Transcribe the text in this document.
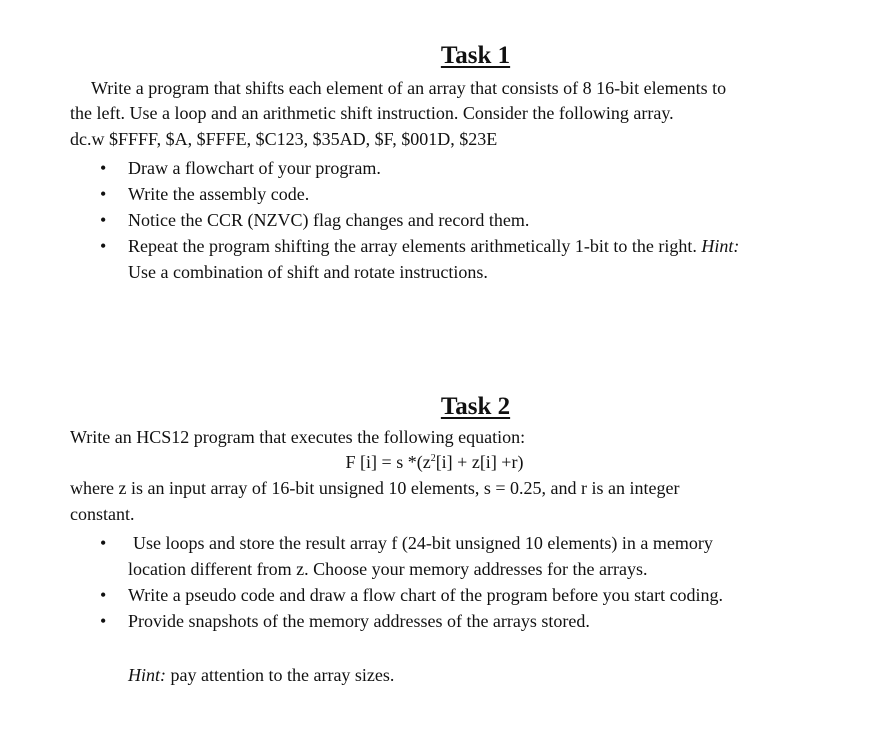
Task 1

Write a program that shifts each element of an array that consists of 8 16-bit elements to

the left. Use a loop and an arithmetic shift instruction. Consider the following array.

dc.w $FFFF, $A, $FFFE, $C123, $35AD, $F, $001D, $23E

• Draw a flowchart of your program.
• Write the assembly code.
• Notice the CCR (NZVC) flag changes and record them.
• Repeat the program shifting the array elements arithmetically 1-bit to the right. Hint:
Use a combination of shift and rotate instructions.
Task 2

Write an HCS12 program that executes the following equation:

F [i] = s $*(z^2[i] + z[i] +r)$

where z is an input array of 16-bit unsigned 10 elements, s = 0.25, and r is an integer

constant.

• Use loops and store the result array f (24-bit unsigned 10 elements) in a memory
location different from z. Choose your memory addresses for the arrays.
• Write a pseudo code and draw a flow chart of the program before you start coding.
• Provide snapshots of the memory addresses of the arrays stored.

Hint: pay attention to the array sizes.
